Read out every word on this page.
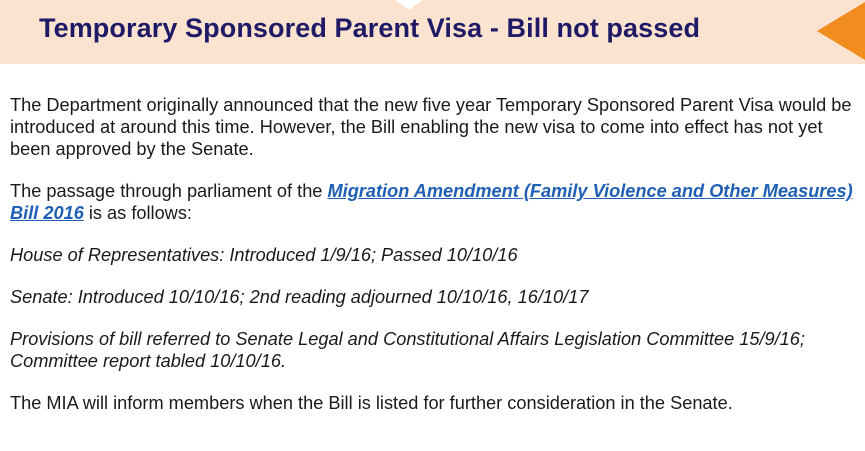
Temporary Sponsored Parent Visa - Bill not passed

The Department originally announced that the new five year Temporary Sponsored Parent Visa would be introduced at around this time. However, the Bill enabling the new visa to come into effect has not yet been approved by the Senate.

The passage through parliament of the Migration Amendment (Family Violence and Other Measures) Bill 2016 is as follows:

House of Representatives: Introduced 1/9/16; Passed 10/10/16

Senate: Introduced 10/10/16; 2nd reading adjourned 10/10/16, 16/10/17

Provisions of bill referred to Senate Legal and Constitutional Affairs Legislation Committee 15/9/16; Committee report tabled 10/10/16.

The MIA will inform members when the Bill is listed for further consideration in the Senate.
